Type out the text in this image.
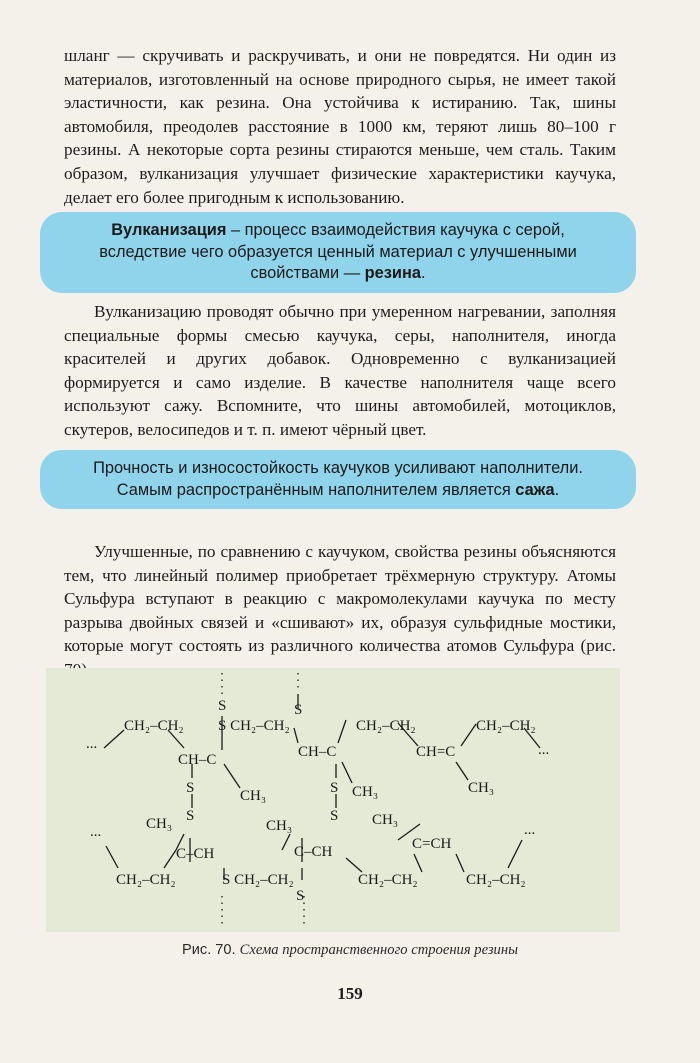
шланг — скручивать и раскручивать, и они не повредятся. Ни один из материалов, изготовленный на основе природного сырья, не имеет такой эластичности, как резина. Она устойчива к истиранию. Так, шины автомобиля, преодолев расстояние в 1000 км, теряют лишь 80–100 г резины. А некоторые сорта резины стираются меньше, чем сталь. Таким образом, вулканизация улучшает физические характеристики каучука, делает его более пригодным к использованию.

Вулканизация – процесс взаимодействия каучука с серой, вследствие чего образуется ценный материал с улучшенными свойствами — резина.

Вулканизацию проводят обычно при умеренном нагревании, заполняя специальные формы смесью каучука, серы, наполнителя, иногда красителей и других добавок. Одновременно с вулканизацией формируется и само изделие. В качестве наполнителя чаще всего используют сажу. Вспомните, что шины автомобилей, мотоциклов, скутеров, велосипедов и т. п. имеют чёрный цвет.

Прочность и износостойкость каучуков усиливают наполнители. Самым распространённым наполнителем является сажа.

Улучшенные, по сравнению с каучуком, свойства резины объясняются тем, что линейный полимер приобретает трёхмерную структуру. Атомы Сульфура вступают в реакцию с макромолекулами каучука по месту разрыва двойных связей и «сшивают» их, образуя сульфидные мостики, которые могут состоять из различного количества атомов Сульфура (рис.

...
CH₂–CH₂
S
S CH₂–CH₂
S
CH–C	CH–C
CH₂–CH₂
CH=C
CH₂–CH₂
...
CH₃	CH₃	CH₃
S
S
S
S
...	CH₃
C–CH
CH₃
C–CH
CH₃
C=CH
...
CH₂–CH₂	S CH₂–CH₂
S
CH₂–CH₂	CH₂–CH₂
Рис. 70. Схема пространственного строения резины
159
